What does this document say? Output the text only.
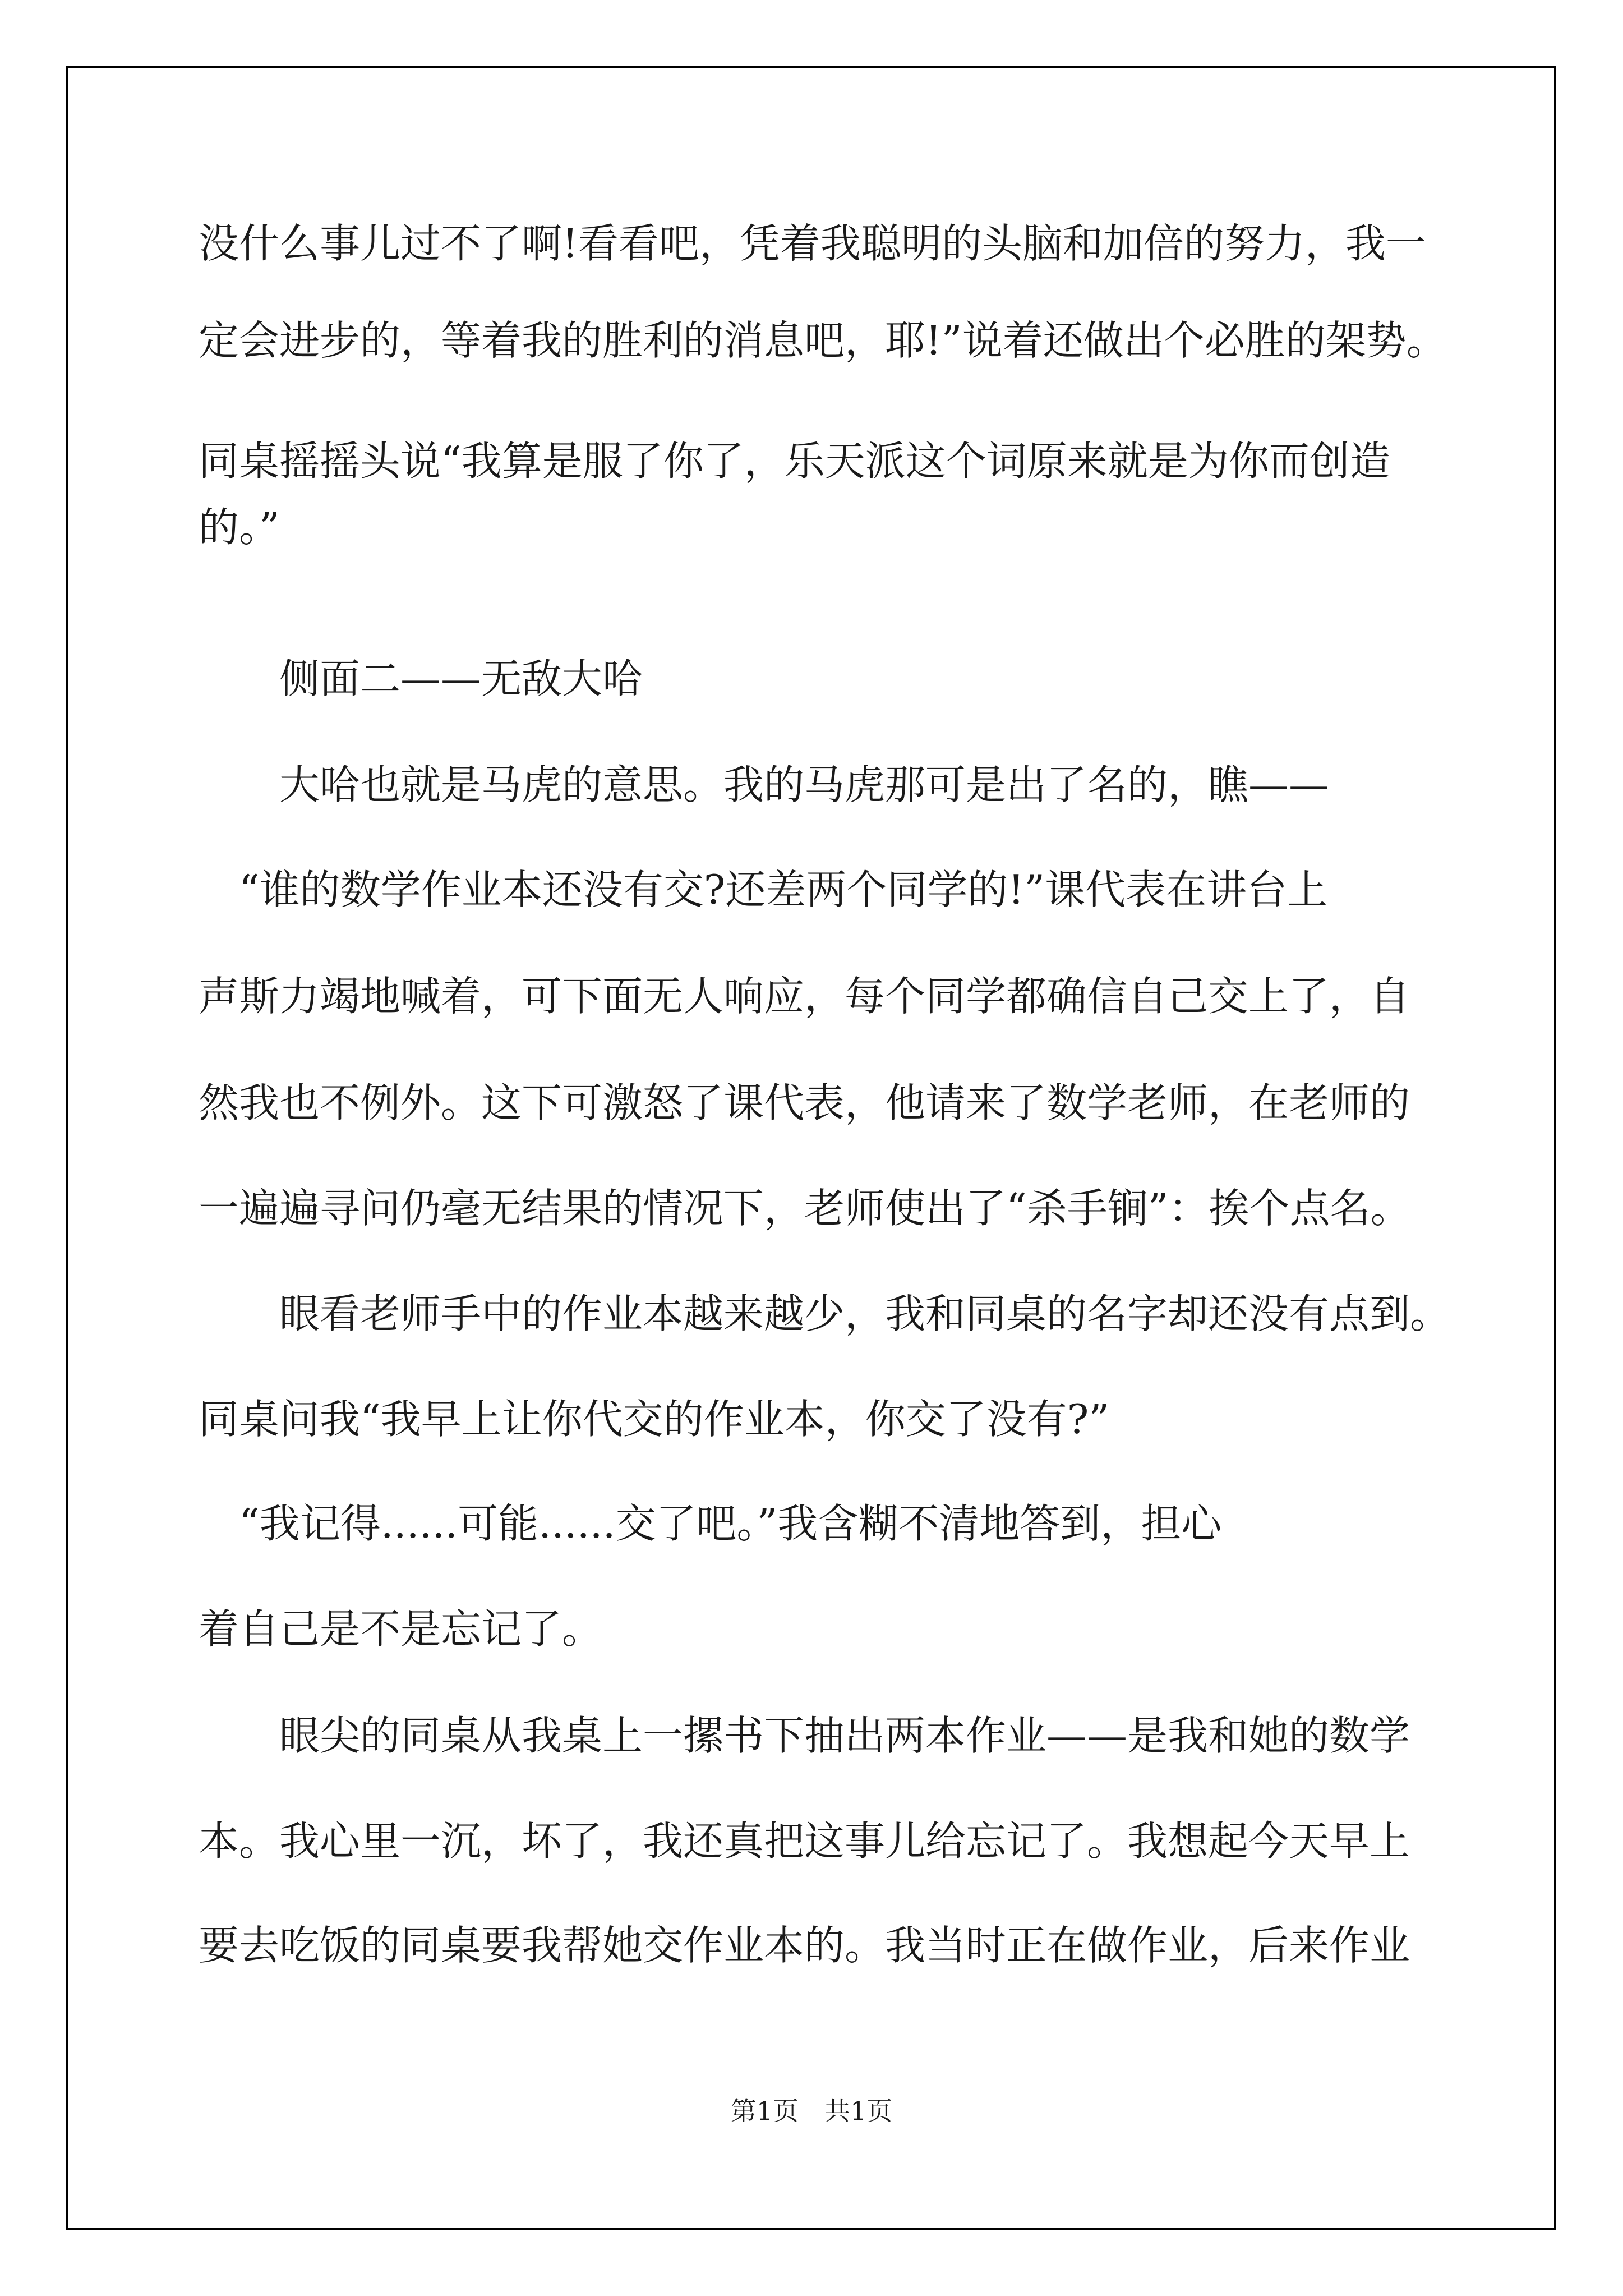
没什么事儿过不了啊!看看吧，凭着我聪明的头脑和加倍的努力，我一
定会进步的，等着我的胜利的消息吧，耶!”说着还做出个必胜的架势。
同桌摇摇头说“我算是服了你了，乐天派这个词原来就是为你而创造
的。”
　　侧面二——无敌大哈
　　大哈也就是马虎的意思。我的马虎那可是出了名的，瞧——
　“谁的数学作业本还没有交?还差两个同学的!”课代表在讲台上
声斯力竭地喊着，可下面无人响应，每个同学都确信自己交上了，自
然我也不例外。这下可激怒了课代表，他请来了数学老师，在老师的
一遍遍寻问仍毫无结果的情况下，老师使出了“杀手锏”：挨个点名。
　　眼看老师手中的作业本越来越少，我和同桌的名字却还没有点到。
同桌问我“我早上让你代交的作业本，你交了没有?”
　“我记得......可能......交了吧。”我含糊不清地答到，担心
着自己是不是忘记了。
　　眼尖的同桌从我桌上一摞书下抽出两本作业——是我和她的数学
本。我心里一沉，坏了，我还真把这事儿给忘记了。我想起今天早上
要去吃饭的同桌要我帮她交作业本的。我当时正在做作业，后来作业
第1页　共1页
